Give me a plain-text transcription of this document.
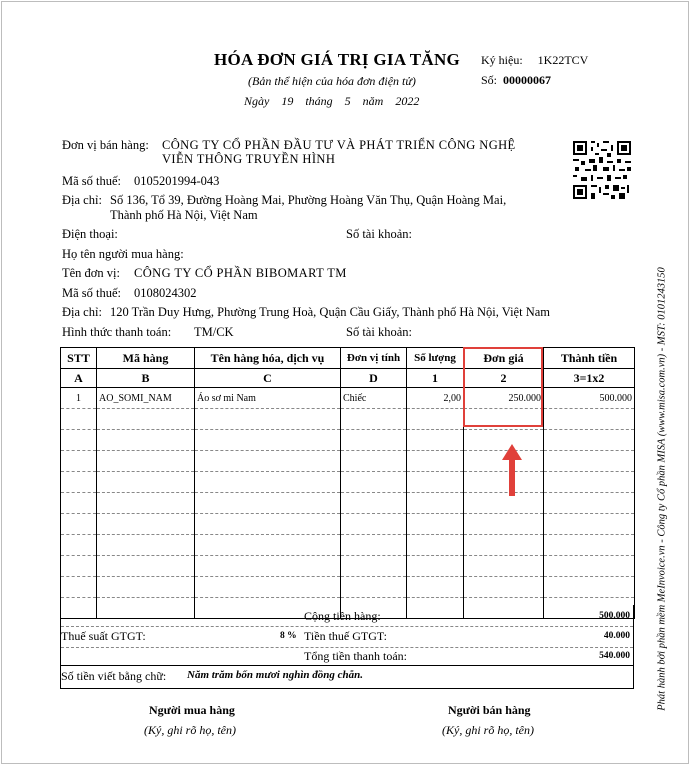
HÓA ĐƠN GIÁ TRỊ GIA TĂNG
(Bản thể hiện của hóa đơn điện tử)
Ngày  19  tháng  5  năm  2022
Ký hiệu: 1K22TCV
Số: 00000067
Đơn vị bán hàng: CÔNG TY CỔ PHẦN ĐẦU TƯ VÀ PHÁT TRIỂN CÔNG NGHỆ
VIỄN THÔNG TRUYỀN HÌNH
Mã số thuế: 0105201994-043
Địa chỉ: Số 136, Tổ 39, Đường Hoàng Mai, Phường Hoàng Văn Thụ, Quận Hoàng Mai,
Thành phố Hà Nội, Việt Nam
Điện thoại:	Số tài khoản:
Phát hành bởi phần mềm MeInvoice.vn - Công ty Cổ phần MISA (www.misa.com.vn) - MST: 0101243150
Họ tên người mua hàng:
Tên đơn vị: CÔNG TY CỔ PHẦN BIBOMART TM
Mã số thuế: 0108024302
Địa chỉ: 120 Trần Duy Hưng, Phường Trung Hoà, Quận Cầu Giấy, Thành phố Hà Nội, Việt Nam
Hình thức thanh toán: TM/CK	Số tài khoản:
STT	Mã hàng	Tên hàng hóa, dịch vụ	Đơn vị tính	Số lượng	Đơn giá	Thành tiền
A	B	C	D	1	2	3=1x2
1	AO_SOMI_NAM	Áo sơ mi Nam	Chiếc	2,00	250.000	500.000

Cộng tiền hàng:	500.000
Thuế suất GTGT:	8 % Tiền thuế GTGT:	40.000
Tổng tiền thanh toán:	540.000
Số tiền viết bằng chữ: Năm trăm bốn mươi nghìn đồng chẵn.
Người mua hàng
(Ký, ghi rõ họ, tên)
Người bán hàng
(Ký, ghi rõ họ, tên)
